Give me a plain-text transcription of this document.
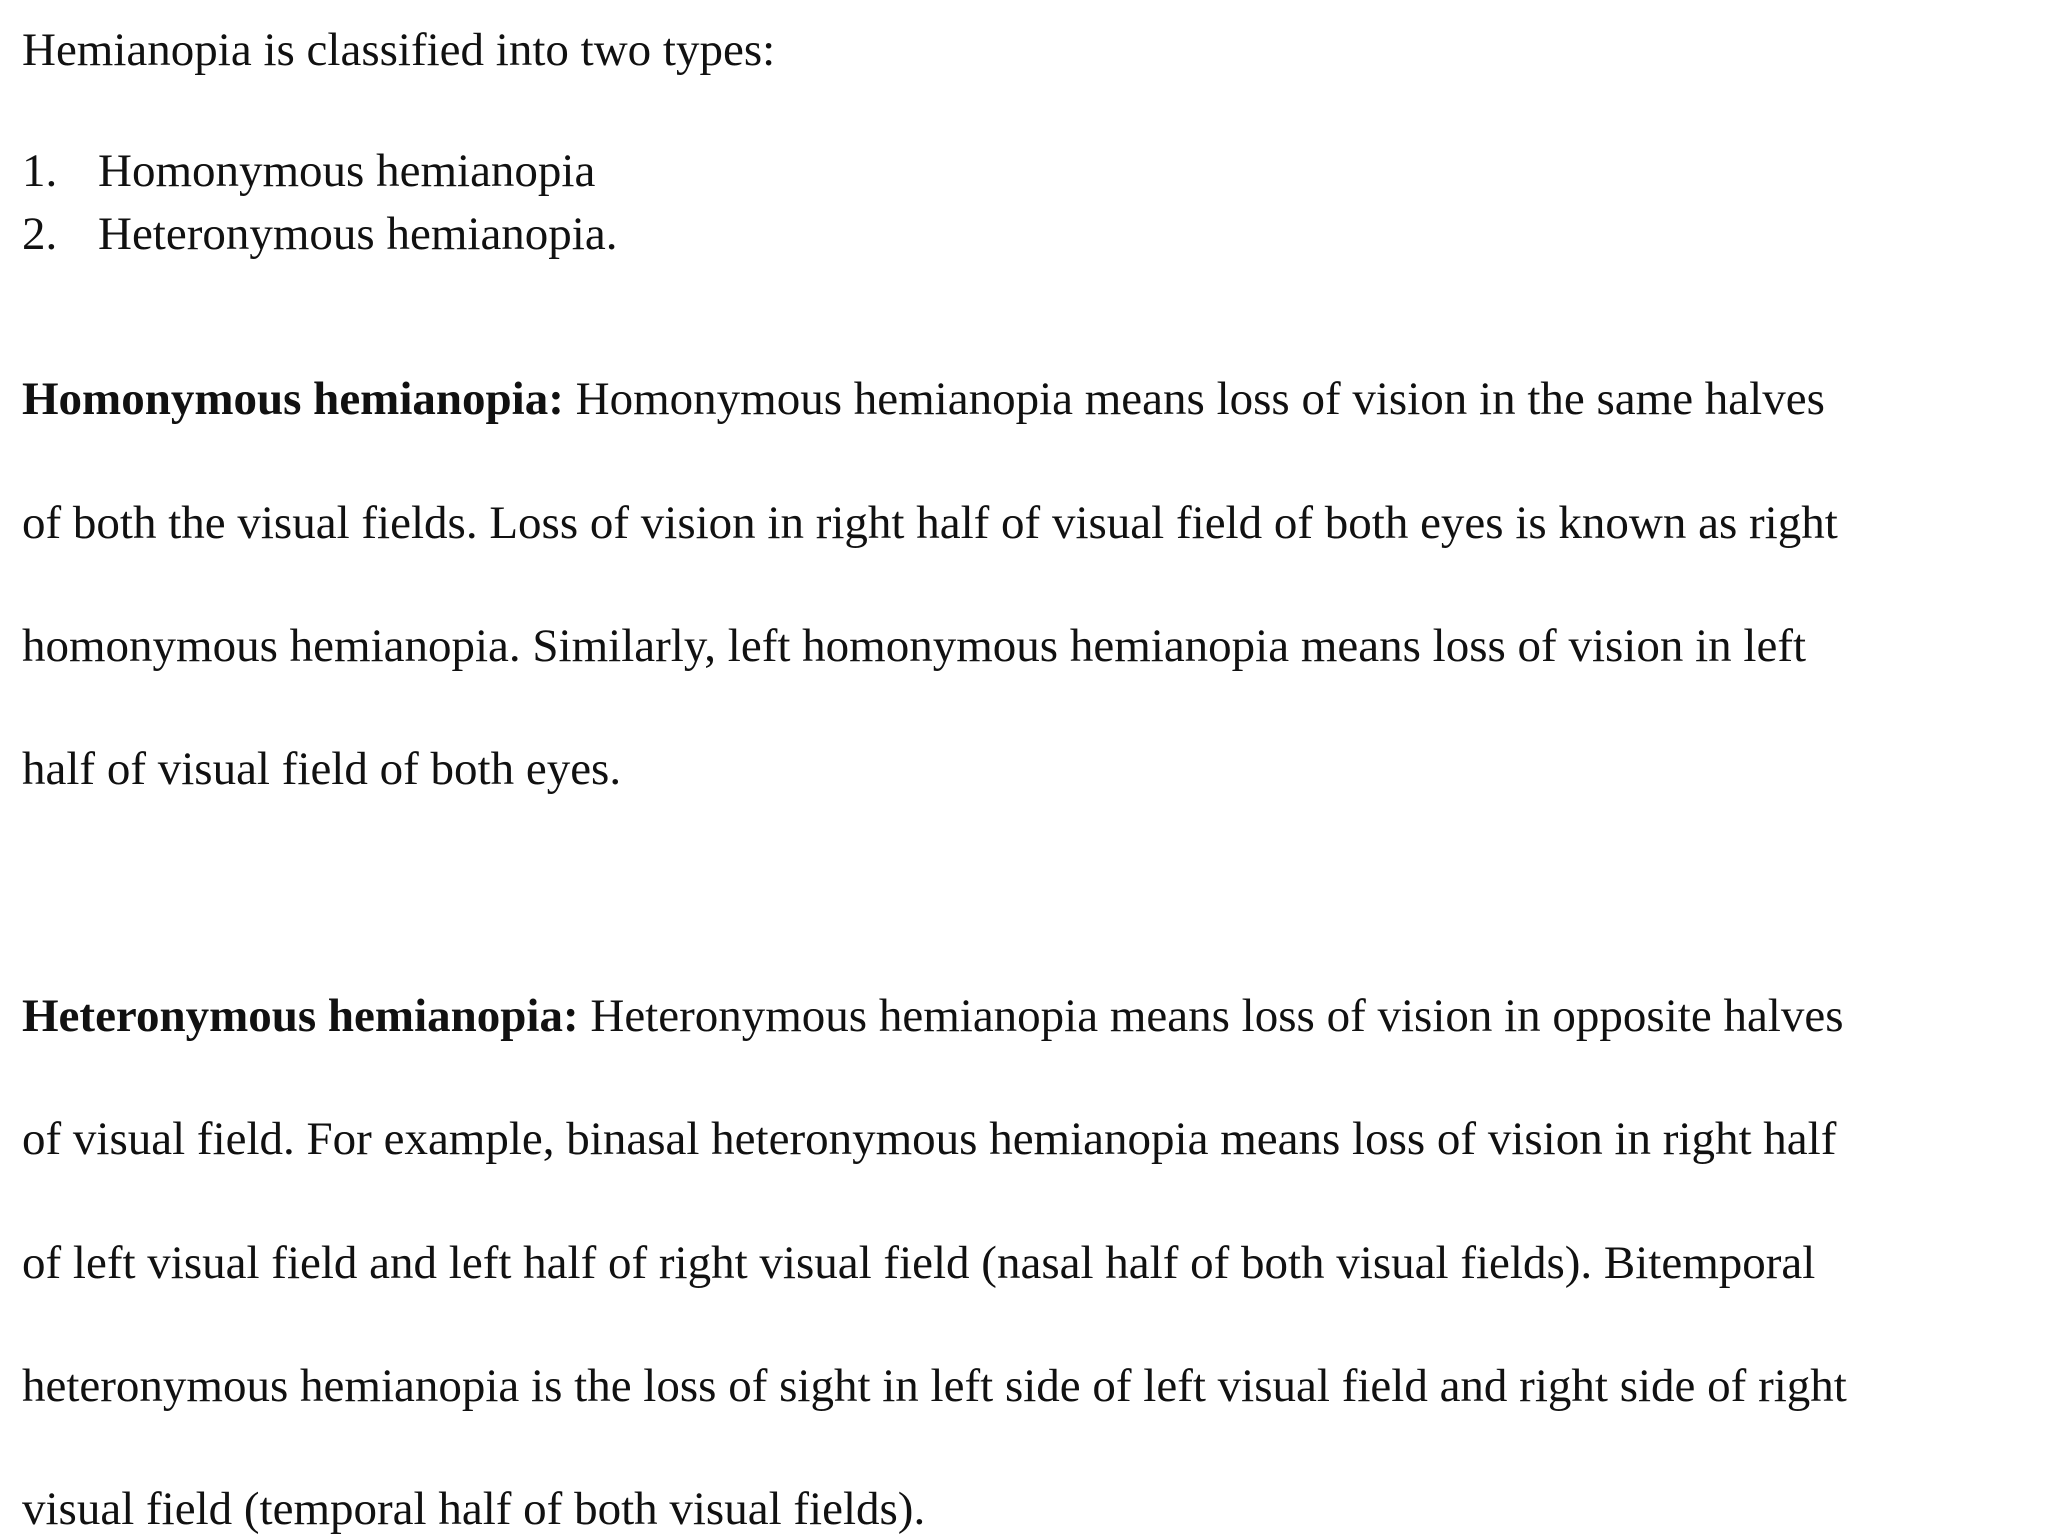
Hemianopia is classified into two types:
1. Homonymous hemianopia
2. Heteronymous hemianopia.
Homonymous hemianopia: Homonymous hemianopia means loss of vision in the same halves
of both the visual fields. Loss of vision in right half of visual field of both eyes is known as right
homonymous hemianopia. Similarly, left homonymous hemianopia means loss of vision in left
half of visual field of both eyes.
Heteronymous hemianopia: Heteronymous hemianopia means loss of vision in opposite halves
of visual field. For example, binasal heteronymous hemianopia means loss of vision in right half
of left visual field and left half of right visual field (nasal half of both visual fields). Bitemporal
heteronymous hemianopia is the loss of sight in left side of left visual field and right side of right
visual field (temporal half of both visual fields).
